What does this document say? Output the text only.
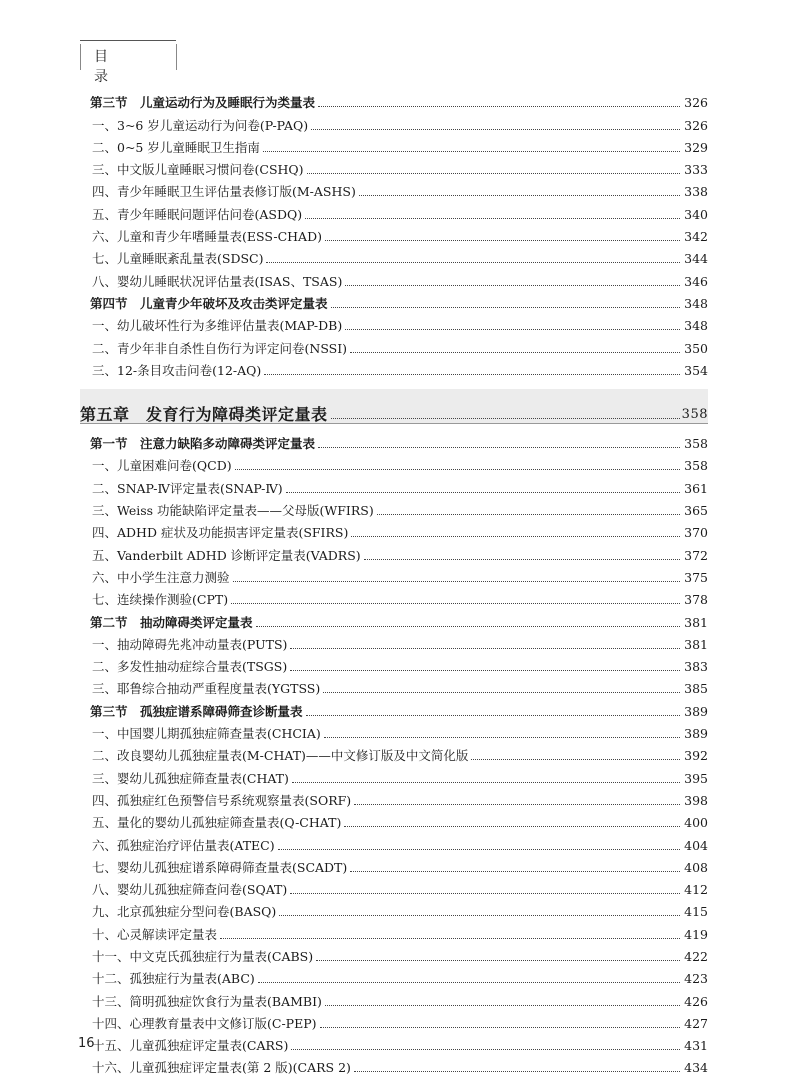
目 录
第三节　儿童运动行为及睡眠行为类量表	326
一、3~6 岁儿童运动行为问卷(P-PAQ)	326
二、0~5 岁儿童睡眠卫生指南	329
三、中文版儿童睡眠习惯问卷(CSHQ)	333
四、青少年睡眠卫生评估量表修订版(M-ASHS)	338
五、青少年睡眠问题评估问卷(ASDQ)	340
六、儿童和青少年嗜睡量表(ESS-CHAD)	342
七、儿童睡眠紊乱量表(SDSC)	344
八、婴幼儿睡眠状况评估量表(ISAS、TSAS)	346
第四节　儿童青少年破坏及攻击类评定量表	348
一、幼儿破坏性行为多维评估量表(MAP-DB)	348
二、青少年非自杀性自伤行为评定问卷(NSSI)	350
三、12-条目攻击问卷(12-AQ)	354
第五章　发育行为障碍类评定量表	358
第一节　注意力缺陷多动障碍类评定量表	358
一、儿童困难问卷(QCD)	358
二、SNAP-Ⅳ评定量表(SNAP-Ⅳ)	361
三、Weiss 功能缺陷评定量表——父母版(WFIRS)	365
四、ADHD 症状及功能损害评定量表(SFIRS)	370
五、Vanderbilt ADHD 诊断评定量表(VADRS)	372
六、中小学生注意力测验	375
七、连续操作测验(CPT)	378
第二节　抽动障碍类评定量表	381
一、抽动障碍先兆冲动量表(PUTS)	381
二、多发性抽动症综合量表(TSGS)	383
三、耶鲁综合抽动严重程度量表(YGTSS)	385
第三节　孤独症谱系障碍筛查诊断量表	389
一、中国婴儿期孤独症筛查量表(CHCIA)	389
二、改良婴幼儿孤独症量表(M-CHAT)——中文修订版及中文简化版	392
三、婴幼儿孤独症筛查量表(CHAT)	395
四、孤独症红色预警信号系统观察量表(SORF)	398
五、量化的婴幼儿孤独症筛查量表(Q-CHAT)	400
六、孤独症治疗评估量表(ATEC)	404
七、婴幼儿孤独症谱系障碍筛查量表(SCADT)	408
八、婴幼儿孤独症筛查问卷(SQAT)	412
九、北京孤独症分型问卷(BASQ)	415
十、心灵解读评定量表	419
十一、中文克氏孤独症行为量表(CABS)	422
十二、孤独症行为量表(ABC)	423
十三、简明孤独症饮食行为量表(BAMBI)	426
十四、心理教育量表中文修订版(C-PEP)	427
十五、儿童孤独症评定量表(CARS)	431
十六、儿童孤独症评定量表(第 2 版)(CARS 2)	434
16
